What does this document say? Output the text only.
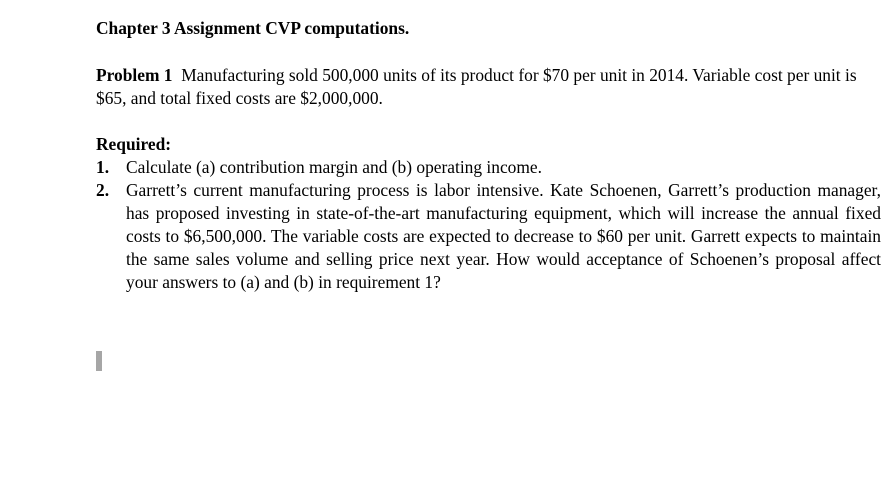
Chapter 3 Assignment CVP computations.
Problem 1 Manufacturing sold 500,000 units of its product for $70 per unit in 2014. Variable cost per unit is $65, and total fixed costs are $2,000,000.
Required:
1. Calculate (a) contribution margin and (b) operating income.
2. Garrett’s current manufacturing process is labor intensive. Kate Schoenen, Garrett’s production manager, has proposed investing in state-of-the-art manufacturing equipment, which will increase the annual fixed costs to $6,500,000. The variable costs are expected to decrease to $60 per unit. Garrett expects to maintain the same sales volume and selling price next year. How would acceptance of Schoenen’s proposal affect your answers to (a) and (b) in requirement 1?
